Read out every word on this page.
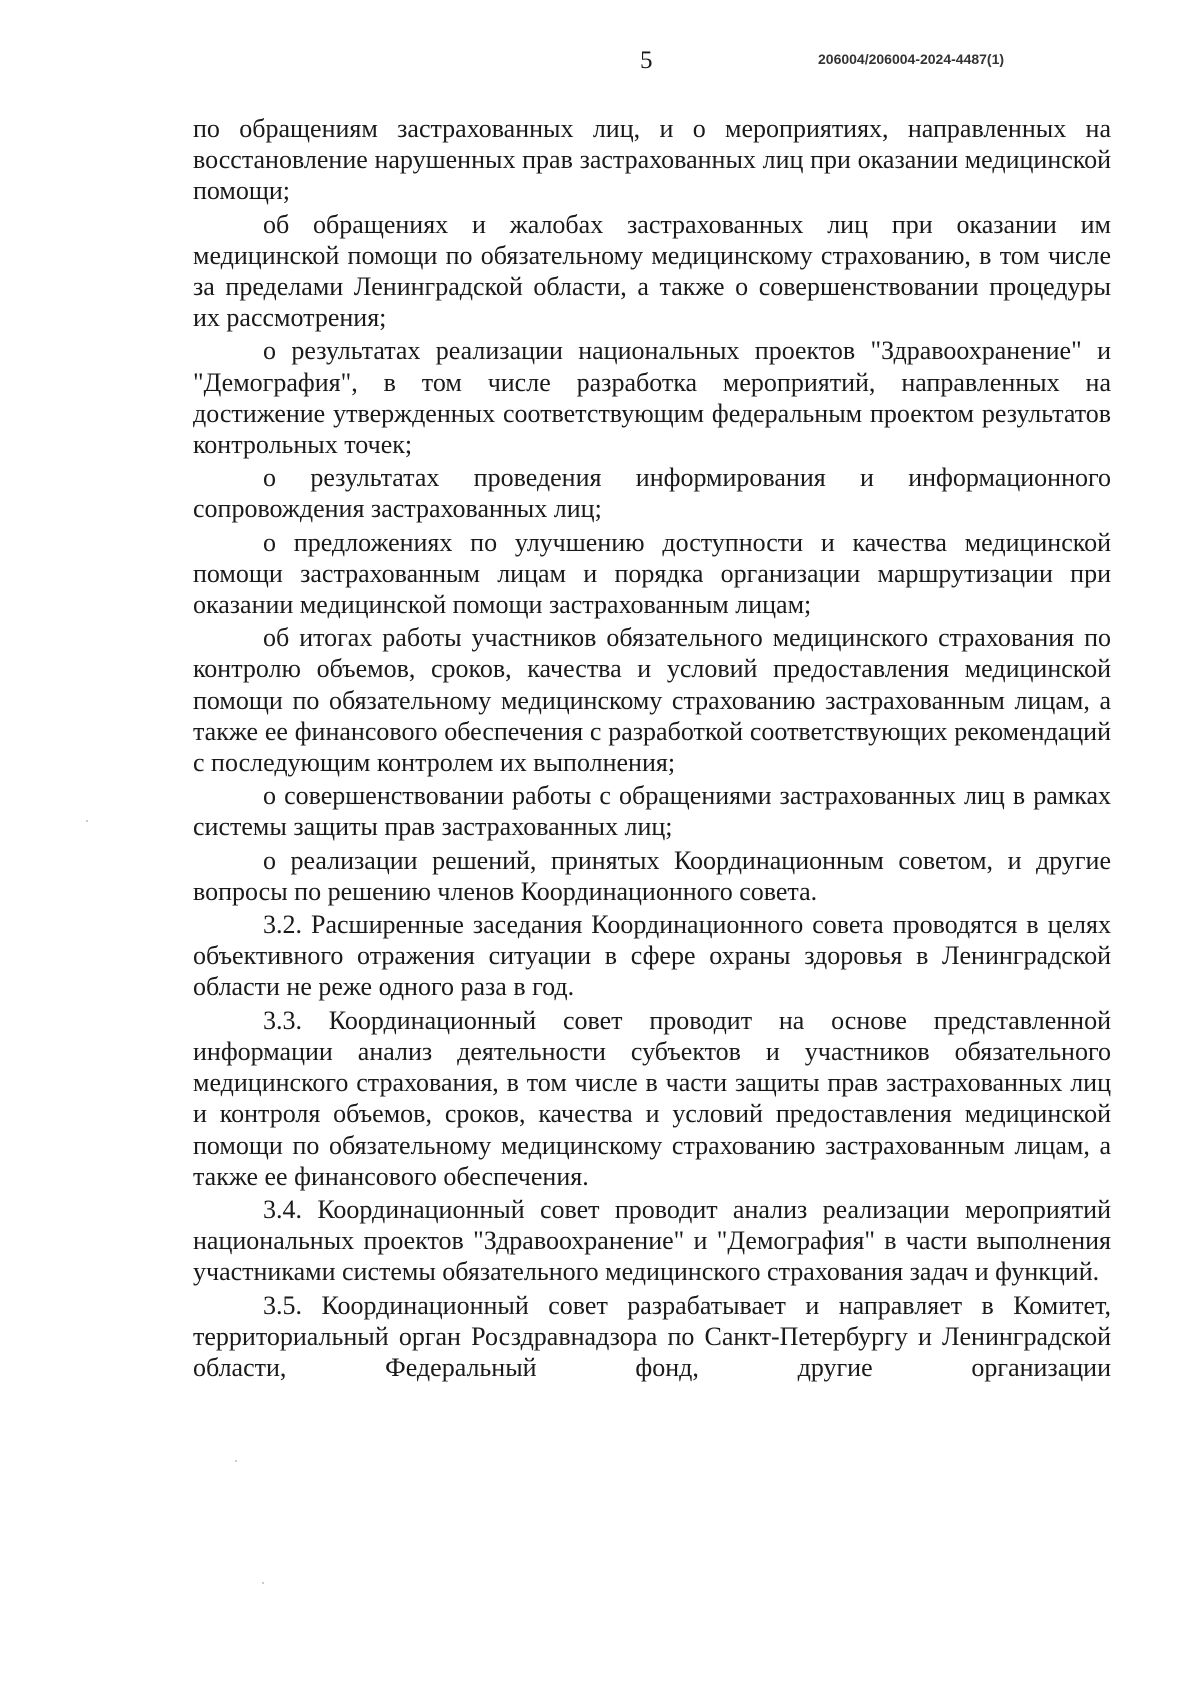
5	206004/206004-2024-4487(1)

по обращениям застрахованных лиц, и о мероприятиях, направленных на восстановление нарушенных прав застрахованных лиц при оказании медицинской помощи;

об обращениях и жалобах застрахованных лиц при оказании им медицинской помощи по обязательному медицинскому страхованию, в том числе за пределами Ленинградской области, а также о совершенствовании процедуры их рассмотрения;

о результатах реализации национальных проектов "Здравоохранение" и "Демография", в том числе разработка мероприятий, направленных на достижение утвержденных соответствующим федеральным проектом результатов контрольных точек;

о результатах проведения информирования и информационного сопровождения застрахованных лиц;

о предложениях по улучшению доступности и качества медицинской помощи застрахованным лицам и порядка организации маршрутизации при оказании медицинской помощи застрахованным лицам;

об итогах работы участников обязательного медицинского страхования по контролю объемов, сроков, качества и условий предоставления медицинской помощи по обязательному медицинскому страхованию застрахованным лицам, а также ее финансового обеспечения с разработкой соответствующих рекомендаций с последующим контролем их выполнения;

о совершенствовании работы с обращениями застрахованных лиц в рамках системы защиты прав застрахованных лиц;

о реализации решений, принятых Координационным советом, и другие вопросы по решению членов Координационного совета.

3.2. Расширенные заседания Координационного совета проводятся в целях объективного отражения ситуации в сфере охраны здоровья в Ленинградской области не реже одного раза в год.

3.3. Координационный совет проводит на основе представленной информации анализ деятельности субъектов и участников обязательного медицинского страхования, в том числе в части защиты прав застрахованных лиц и контроля объемов, сроков, качества и условий предоставления медицинской помощи по обязательному медицинскому страхованию застрахованным лицам, а также ее финансового обеспечения.

3.4. Координационный совет проводит анализ реализации мероприятий национальных проектов "Здравоохранение" и "Демография" в части выполнения участниками системы обязательного медицинского страхования задач и функций.

3.5. Координационный совет разрабатывает и направляет в Комитет, территориальный орган Росздравнадзора по Санкт-Петербургу и Ленинградской области, Федеральный фонд, другие организации
